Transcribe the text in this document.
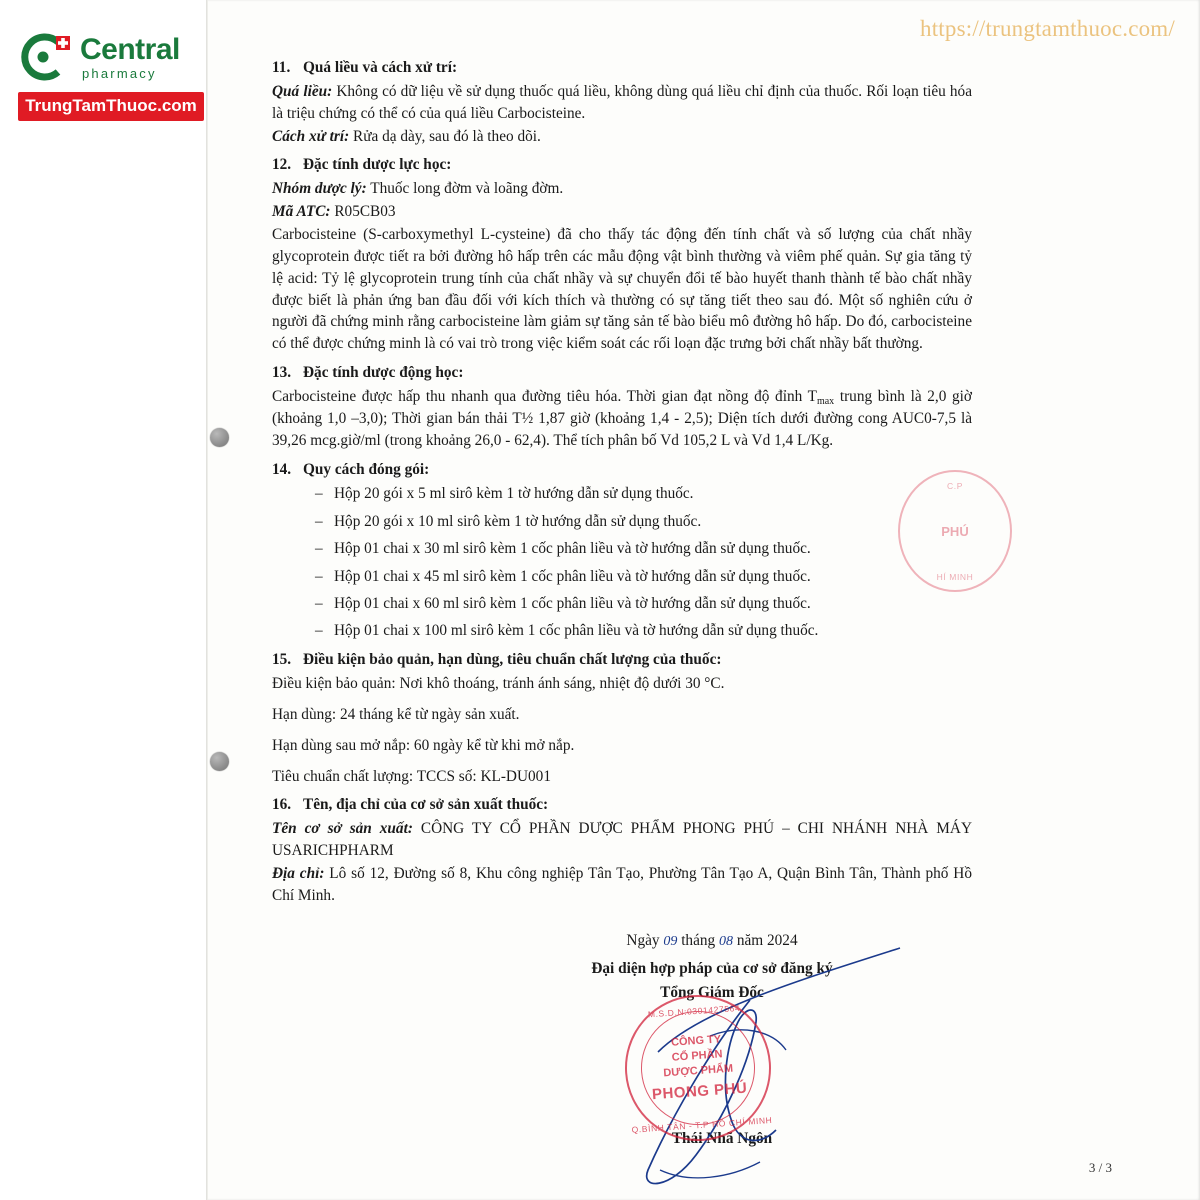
Central
pharmacy
TrungTamThuoc.com
https://trungtamthuoc.com/
C.P
PHÚ
HÍ MINH
11. Quá liều và cách xử trí:

Quá liều: Không có dữ liệu về sử dụng thuốc quá liều, không dùng quá liều chỉ định của thuốc. Rối loạn tiêu hóa là triệu chứng có thể có của quá liều Carbocisteine.

Cách xử trí: Rửa dạ dày, sau đó là theo dõi.

12. Đặc tính dược lực học:

Nhóm dược lý: Thuốc long đờm và loãng đờm.

Mã ATC: R05CB03

Carbocisteine (S-carboxymethyl L-cysteine) đã cho thấy tác động đến tính chất và số lượng của chất nhầy glycoprotein được tiết ra bởi đường hô hấp trên các mẫu động vật bình thường và viêm phế quản. Sự gia tăng tỷ lệ acid: Tỷ lệ glycoprotein trung tính của chất nhầy và sự chuyển đổi tế bào huyết thanh thành tế bào chất nhầy được biết là phản ứng ban đầu đối với kích thích và thường có sự tăng tiết theo sau đó. Một số nghiên cứu ở người đã chứng minh rằng carbocisteine làm giảm sự tăng sản tế bào biểu mô đường hô hấp. Do đó, carbocisteine có thể được chứng minh là có vai trò trong việc kiểm soát các rối loạn đặc trưng bởi chất nhầy bất thường.

13. Đặc tính dược động học:

Carbocisteine được hấp thu nhanh qua đường tiêu hóa. Thời gian đạt nồng độ đỉnh $T_{max}$ trung bình là 2,0 giờ (khoảng 1,0 –3,0); Thời gian bán thải T½ 1,87 giờ (khoảng 1,4 - 2,5); Diện tích dưới đường cong AUC0-7,5 là 39,26 mcg.giờ/ml (trong khoảng 26,0 - 62,4). Thể tích phân bố Vd 105,2 L và Vd 1,4 L/Kg.

14. Quy cách đóng gói:
– Hộp 20 gói x 5 ml sirô kèm 1 tờ hướng dẫn sử dụng thuốc.
– Hộp 20 gói x 10 ml sirô kèm 1 tờ hướng dẫn sử dụng thuốc.
– Hộp 01 chai x 30 ml sirô kèm 1 cốc phân liều và tờ hướng dẫn sử dụng thuốc.
– Hộp 01 chai x 45 ml sirô kèm 1 cốc phân liều và tờ hướng dẫn sử dụng thuốc.
– Hộp 01 chai x 60 ml sirô kèm 1 cốc phân liều và tờ hướng dẫn sử dụng thuốc.
– Hộp 01 chai x 100 ml sirô kèm 1 cốc phân liều và tờ hướng dẫn sử dụng thuốc.
15. Điều kiện bảo quản, hạn dùng, tiêu chuẩn chất lượng của thuốc:

Điều kiện bảo quản: Nơi khô thoáng, tránh ánh sáng, nhiệt độ dưới 30 °C.

Hạn dùng: 24 tháng kể từ ngày sản xuất.

Hạn dùng sau mở nắp: 60 ngày kể từ khi mở nắp.

Tiêu chuẩn chất lượng: TCCS số: KL-DU001

16. Tên, địa chỉ của cơ sở sản xuất thuốc:

Tên cơ sở sản xuất: CÔNG TY CỔ PHẦN DƯỢC PHẨM PHONG PHÚ – CHI NHÁNH NHÀ MÁY USARICHPHARM

Địa chỉ: Lô số 12, Đường số 8, Khu công nghiệp Tân Tạo, Phường Tân Tạo A, Quận Bình Tân, Thành phố Hồ Chí Minh.

Ngày 09 tháng 08 năm 2024
Đại diện hợp pháp của cơ sở đăng ký
Tổng Giám Đốc
Thái Nhã Ngôn
M.S.D.N:0301427564
CÔNG TY
CỔ PHẦN
DƯỢC PHẨM
PHONG PHÚ
Q.BÌNH TÂN - T.P HỒ CHÍ MINH
3 / 3
